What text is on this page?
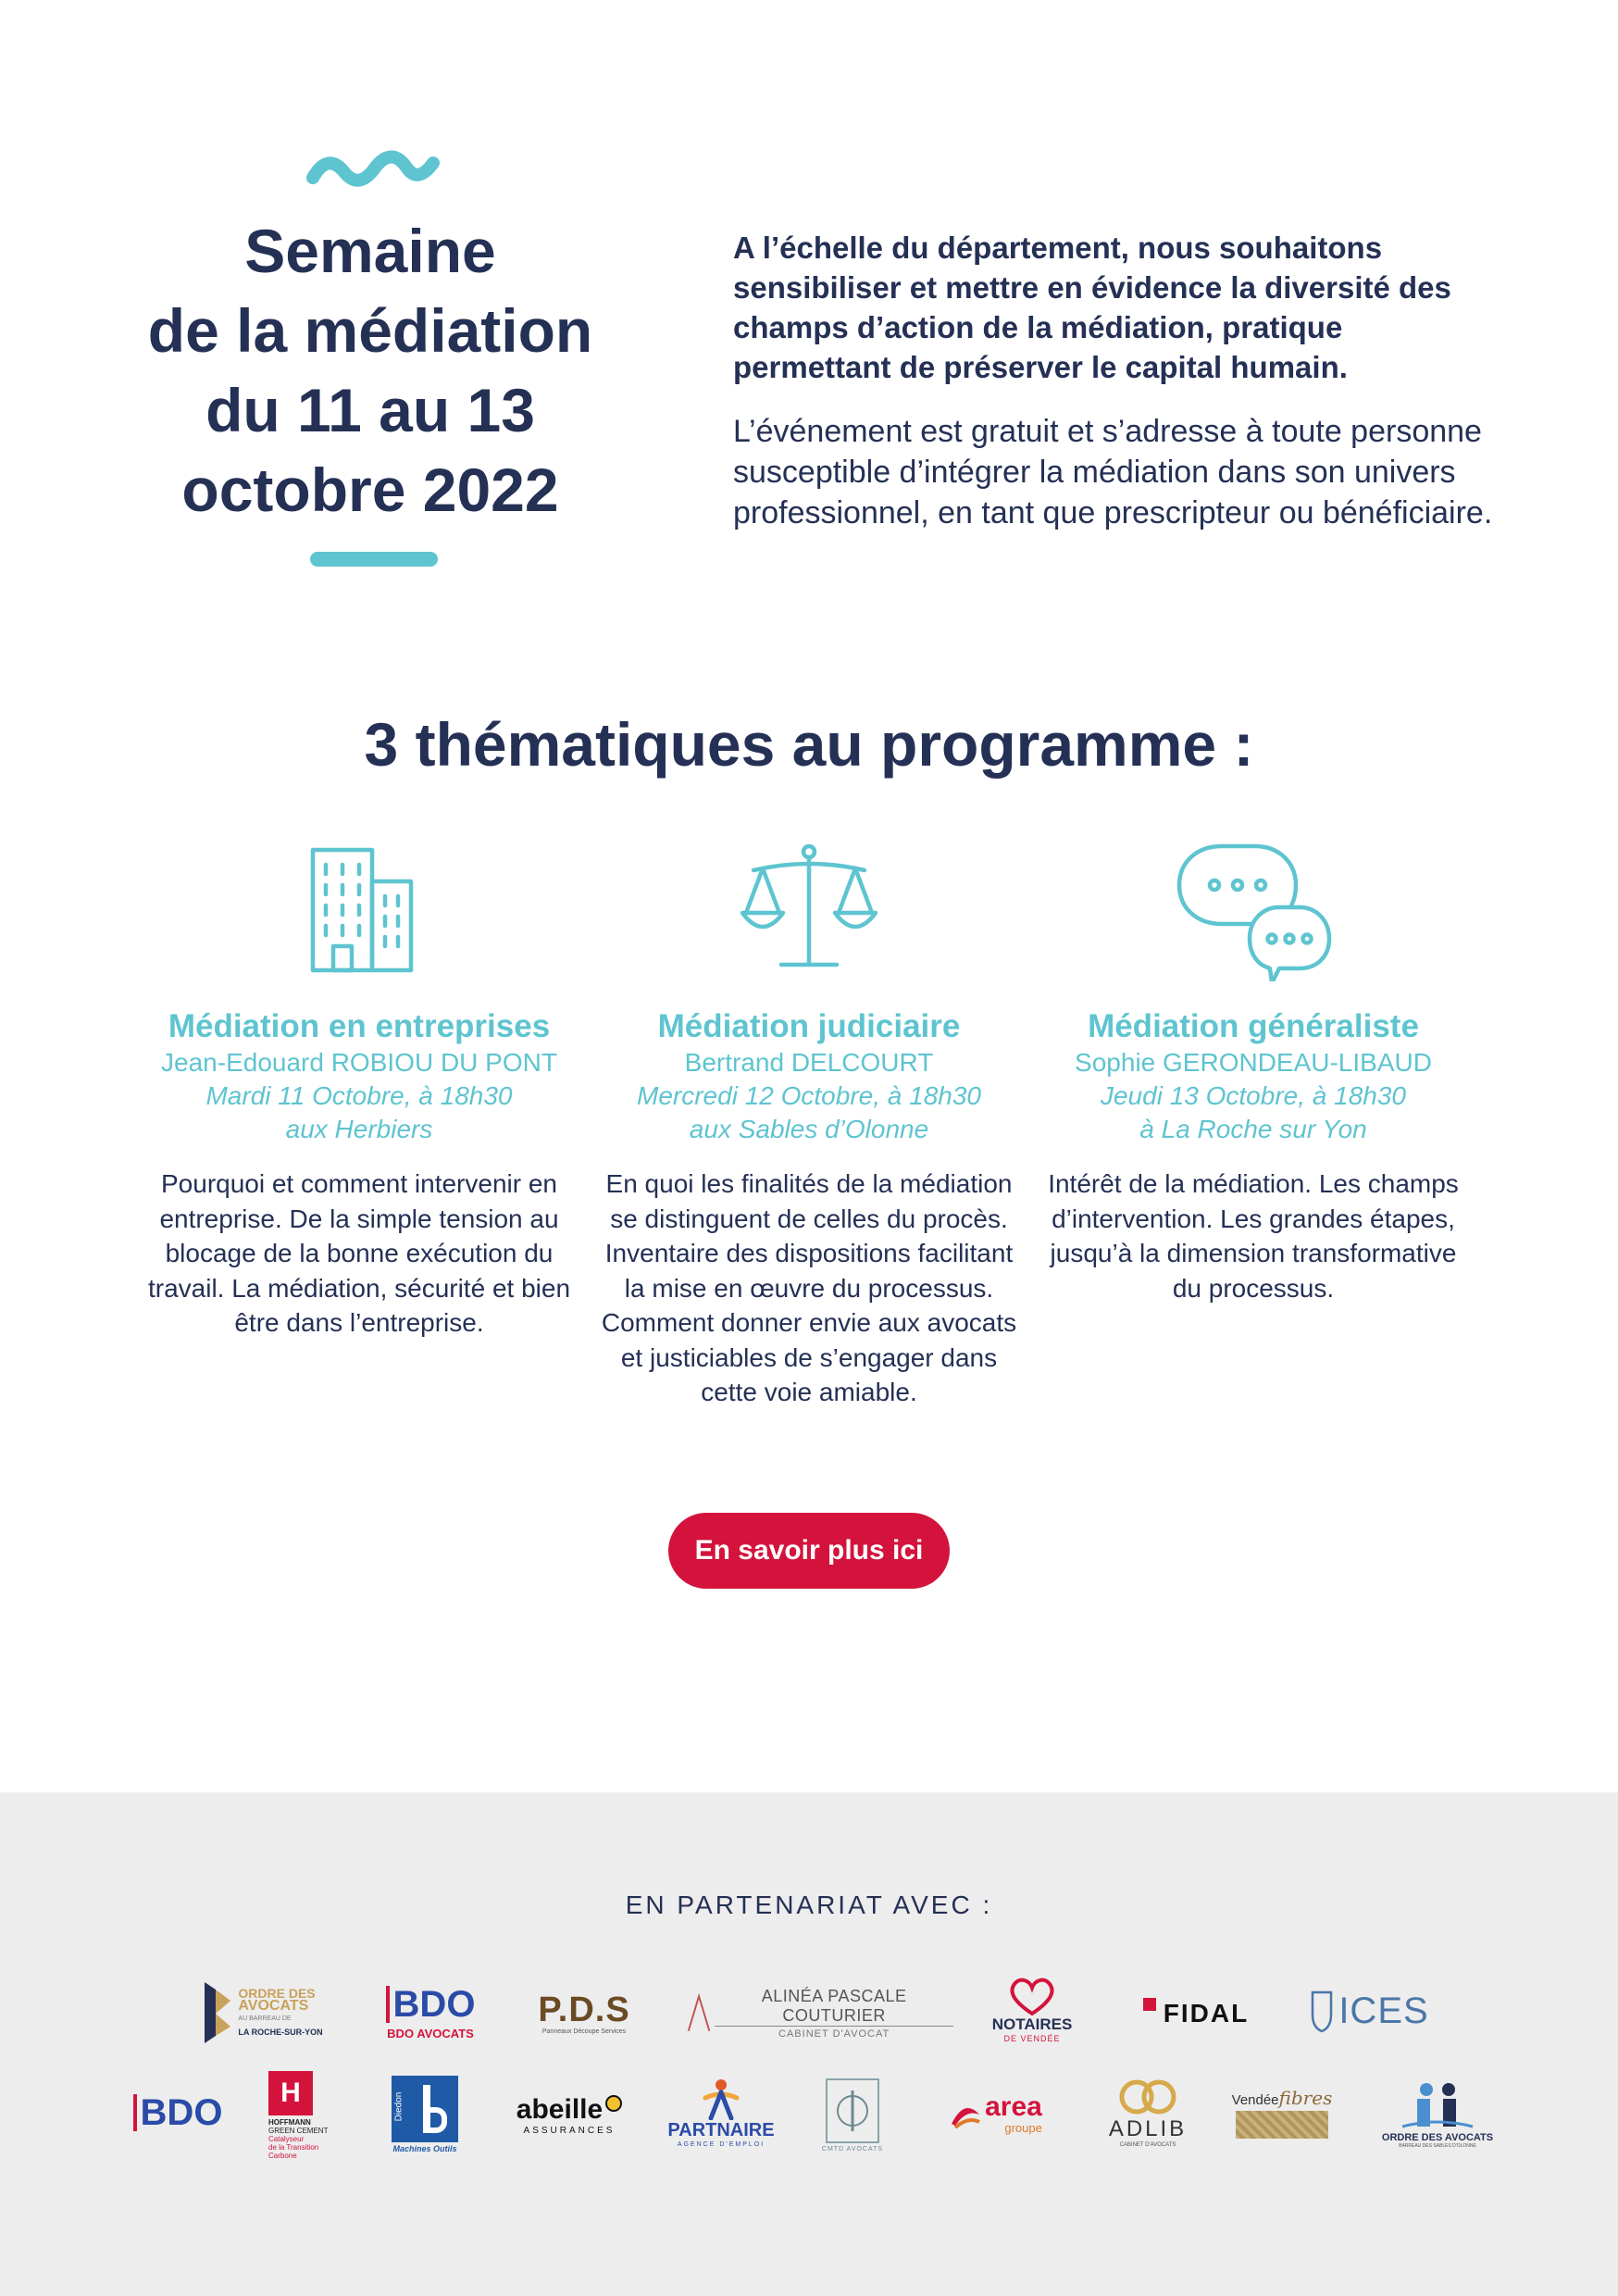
Semaine
de la médiation
du 11 au 13
octobre 2022

A l’échelle du département, nous souhaitons sensibiliser et mettre en évidence la diversité des champs d’action de la médiation, pratique permettant de préserver le capital humain.

L’événement est gratuit et s’adresse à toute personne susceptible d’intégrer la médiation dans son univers professionnel, en tant que prescripteur ou bénéficiaire.

3 thématiques au programme :

Médiation en entreprises

Jean-Edouard ROBIOU DU PONT

Mardi 11 Octobre, à 18h30

aux Herbiers

Pourquoi et comment intervenir en entreprise. De la simple tension au blocage de la bonne exécution du travail. La médiation, sécurité et bien être dans l’entreprise.

Médiation judiciaire

Bertrand DELCOURT

Mercredi 12 Octobre, à 18h30

aux Sables d’Olonne

En quoi les finalités de la médiation se distinguent de celles du procès. Inventaire des dispositions facilitant la mise en œuvre du processus. Comment donner envie aux avocats et justiciables de s’engager dans cette voie amiable.

Médiation généraliste

Sophie GERONDEAU-LIBAUD

Jeudi 13 Octobre, à 18h30

à La Roche sur Yon

Intérêt de la médiation. Les champs d’intervention. Les grandes étapes, jusqu’à la dimension transformative du processus.

En savoir plus ici

EN PARTENARIAT AVEC :

ORDRE DES
AVOCATS
AU BARREAU DE
LA ROCHE-SUR-YON
BDO
BDO AVOCATS
P.D.S
Panneaux Découpe Services
ALINÉA PASCALE COUTURIER
CABINET D'AVOCAT
NOTAIRES
DE VENDÉE
FIDAL ICES
BDO	H
HOFFMANN
GREEN CEMENT
Catalyseur
de la Transition
Carbone
Diedon
Machines Outils
abeille
ASSURANCES	PARTNAIRE
AGENCE D'EMPLOI
CMTD AVOCATS
area
groupe	ADLIB
CABINET D'AVOCATS
Vendée fibres
ORDRE DES AVOCATS
BARREAU DES SABLES D'OLONNE
